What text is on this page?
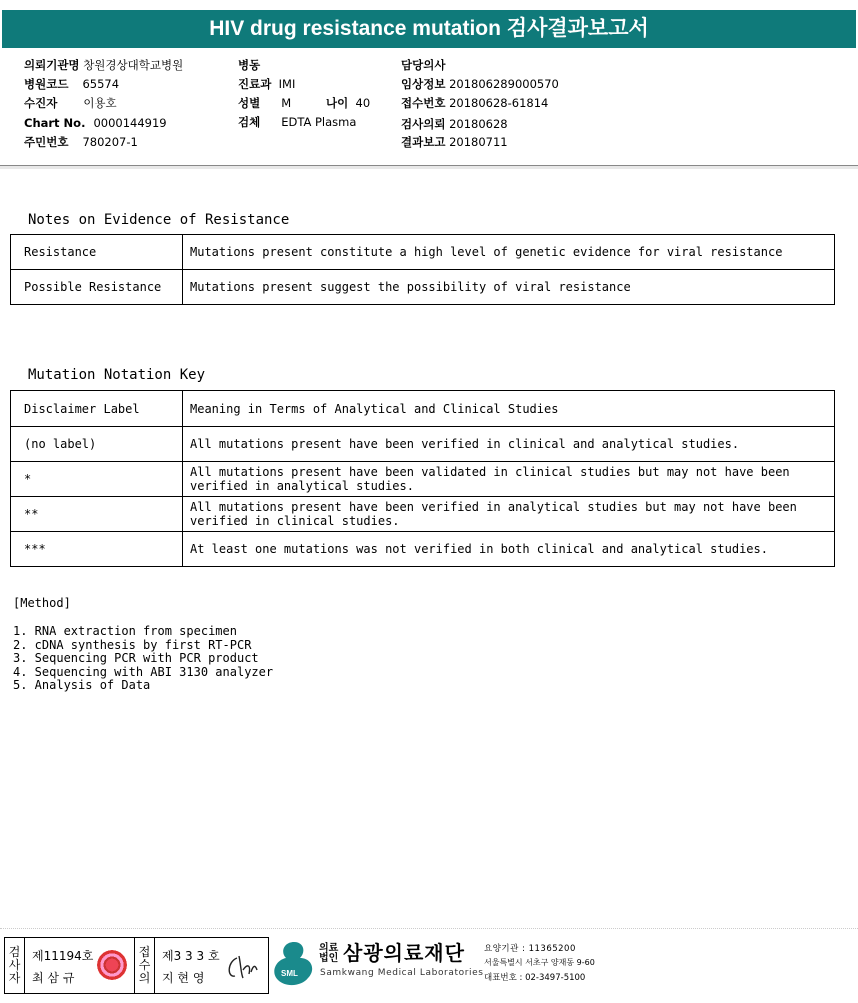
HIV drug resistance mutation 검사결과보고서
의뢰기관명 창원경상대학교병원
병원코드 65574
수진자 이용호
Chart No. 0000144919
주민번호 780207-1
병동
진료과 IMI
성별 M	나이 40
검체 EDTA Plasma
담당의사
임상정보 201806289000570
접수번호 20180628-61814
검사의뢰 20180628
결과보고 20180711
Notes on Evidence of Resistance
Resistance	Mutations present constitute a high level of genetic evidence for viral resistance
Possible Resistance	Mutations present suggest the possibility of viral resistance
Mutation Notation Key
Disclaimer Label	Meaning in Terms of Analytical and Clinical Studies
(no label)	All mutations present have been verified in clinical and analytical studies.
*	All mutations present have been validated in clinical studies but may not have been verified in analytical studies.
**	All mutations present have been verified in analytical studies but may not have been verified in clinical studies.
***	At least one mutations was not verified in both clinical and analytical studies.
[Method]
1. RNA extraction from specimen
2. cDNA synthesis by first RT-PCR
3. Sequencing PCR with PCR product
4. Sequencing with ABI 3130 analyzer
5. Analysis of Data
검
사
자
제11194호
최 삼 규
접
수
의
제3 3 3 호
지 현 영	SML
의료법인 삼광의료재단
Samkwang Medical Laboratories
요양기관 : 11365200
서울특별시 서초구 양재동 9-60
대표번호 : 02-3497-5100
